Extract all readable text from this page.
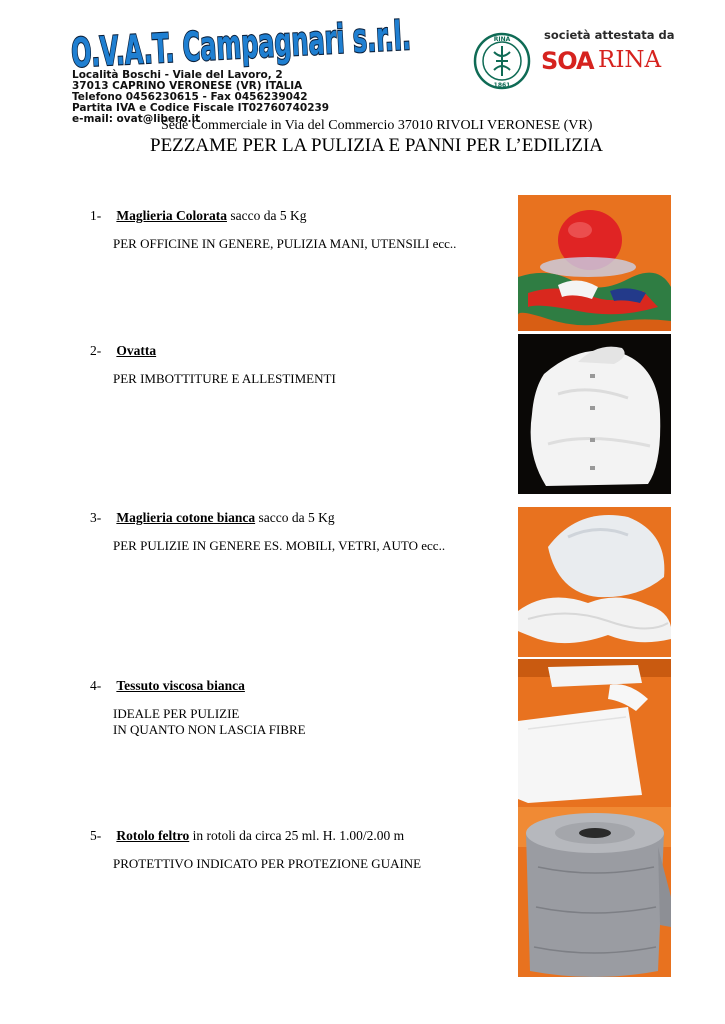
O.V.A.T. Campagnari
Località Boschi - Viale del Lavoro, 2
37013 CAPRINO VERONESE (VR) ITALIA
Telefono 0456230615 - Fax 0456239042
Partita IVA e Codice Fiscale IT02760740239
e-mail: ovat@libero.it
RINA
1861
società attestata da
SOA RINA
Sede Commerciale in Via del Commercio 37010 RIVOLI VERONESE (VR)
PEZZAME PER LA PULIZIA E PANNI PER L’EDILIZIA
1- Maglieria Colorata sacco da 5 Kg
PER OFFICINE IN GENERE, PULIZIA MANI, UTENSILI ecc..
2- Ovatta
PER IMBOTTITURE E ALLESTIMENTI
3- Maglieria cotone bianca sacco da 5 Kg
PER PULIZIE IN GENERE ES. MOBILI, VETRI, AUTO ecc..
4- Tessuto viscosa bianca
IDEALE PER PULIZIE
IN QUANTO NON LASCIA FIBRE
5- Rotolo feltro in rotoli da circa 25 ml. H. 1.00/2.00 m
PROTETTIVO INDICATO PER PROTEZIONE GUAINE
